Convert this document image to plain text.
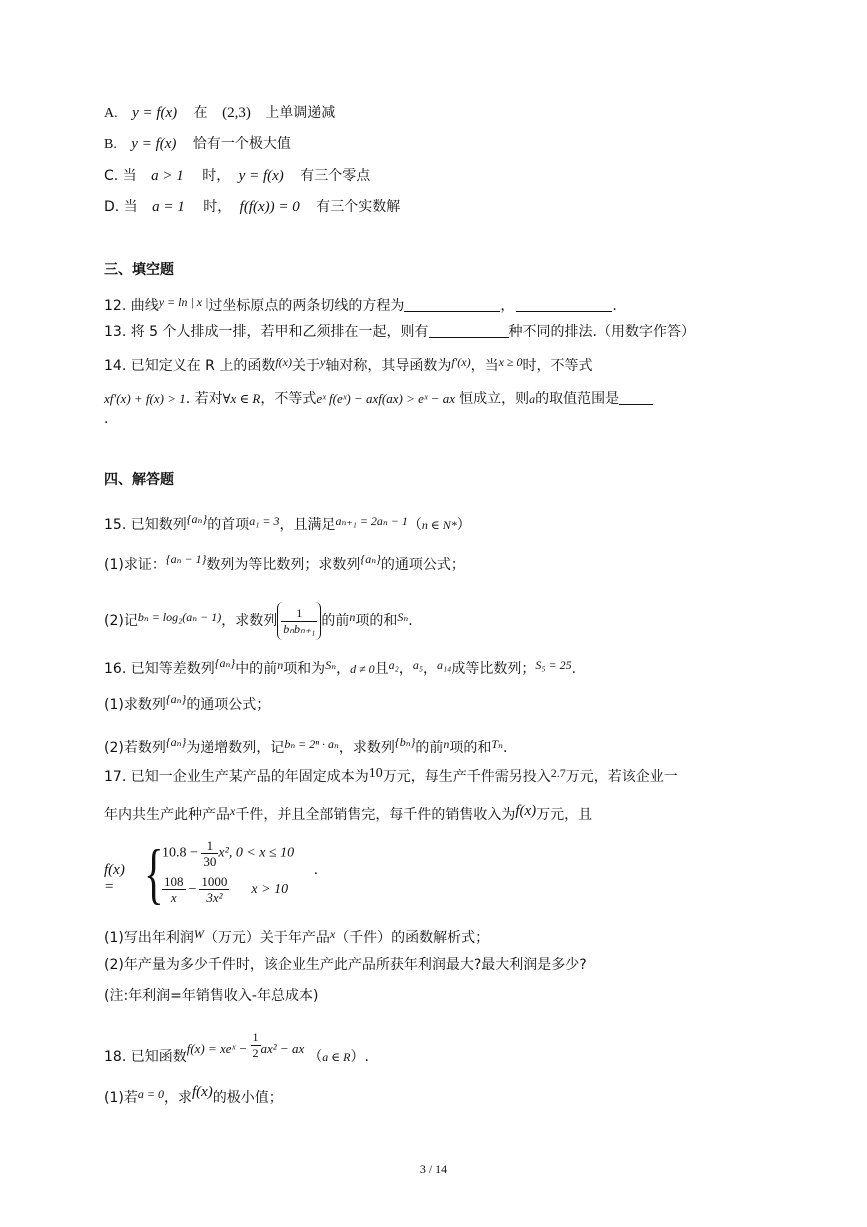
A. y = f(x) 在 (2,3) 上单调递减
B. y = f(x) 恰有一个极大值
C. 当 a > 1 时， y = f(x) 有三个零点
D. 当 a = 1 时， f(f(x)) = 0 有三个实数解
三、填空题
12. 曲线y = ln | x |过坐标原点的两条切线的方程为	，	.
13. 将 5 个人排成一排，若甲和乙须排在一起，则有	种不同的排法.（用数字作答）
14. 已知定义在 R 上的函数f(x)关于y轴对称，其导函数为f′(x)，当x ≥ 0时，不等式
xf′(x) + f(x) > 1. 若对∀x ∈ R，不等式eˣ f(eˣ) − axf(ax) > eˣ − ax 恒成立，则a的取值范围是
.
四、解答题
15. 已知数列{aₙ}的首项a₁ = 3，且满足aₙ₊₁ = 2aₙ − 1（n ∈ N*）
(1)求证：{aₙ − 1}数列为等比数列；求数列{aₙ}的通项公式；
(2)记bₙ = log₂(aₙ − 1)，求数列 $\frac{1}{\text{bₙbₙ₊₁}}$ 的前n项的和Sₙ.
16. 已知等差数列{aₙ}中的前n项和为Sₙ，d ≠ 0且a₂，a₅，a₁₄成等比数列；S₅ = 25.
(1)求数列{aₙ}的通项公式；
(2)若数列{aₙ}为递增数列，记bₙ = 2ⁿ · aₙ，求数列{bₙ}的前n项的和Tₙ.
17. 已知一企业生产某产品的年固定成本为10万元，每生产千件需另投入2.7万元，若该企业一
年内共生产此种产品x千件，并且全部销售完，每千件的销售收入为f(x)万元，且
f(x) = {
$10.8 - \frac{1}{30} x^2$, 0 < x ≤ 10
$\frac{108}{x} - \frac{1000}{\text{3x²}}$ x > 10
.
(1)写出年利润W（万元）关于年产品x（千件）的函数解析式；
(2)年产量为多少千件时，该企业生产此产品所获年利润最大?最大利润是多少?
(注:年利润=年销售收入-年总成本)
18. 已知函数f(x) = xeˣ − $\frac{1}{2} ax^2 - ax(a$ ∈ R）.
(1)若a = 0，求f(x)的极小值；
3 / 14
